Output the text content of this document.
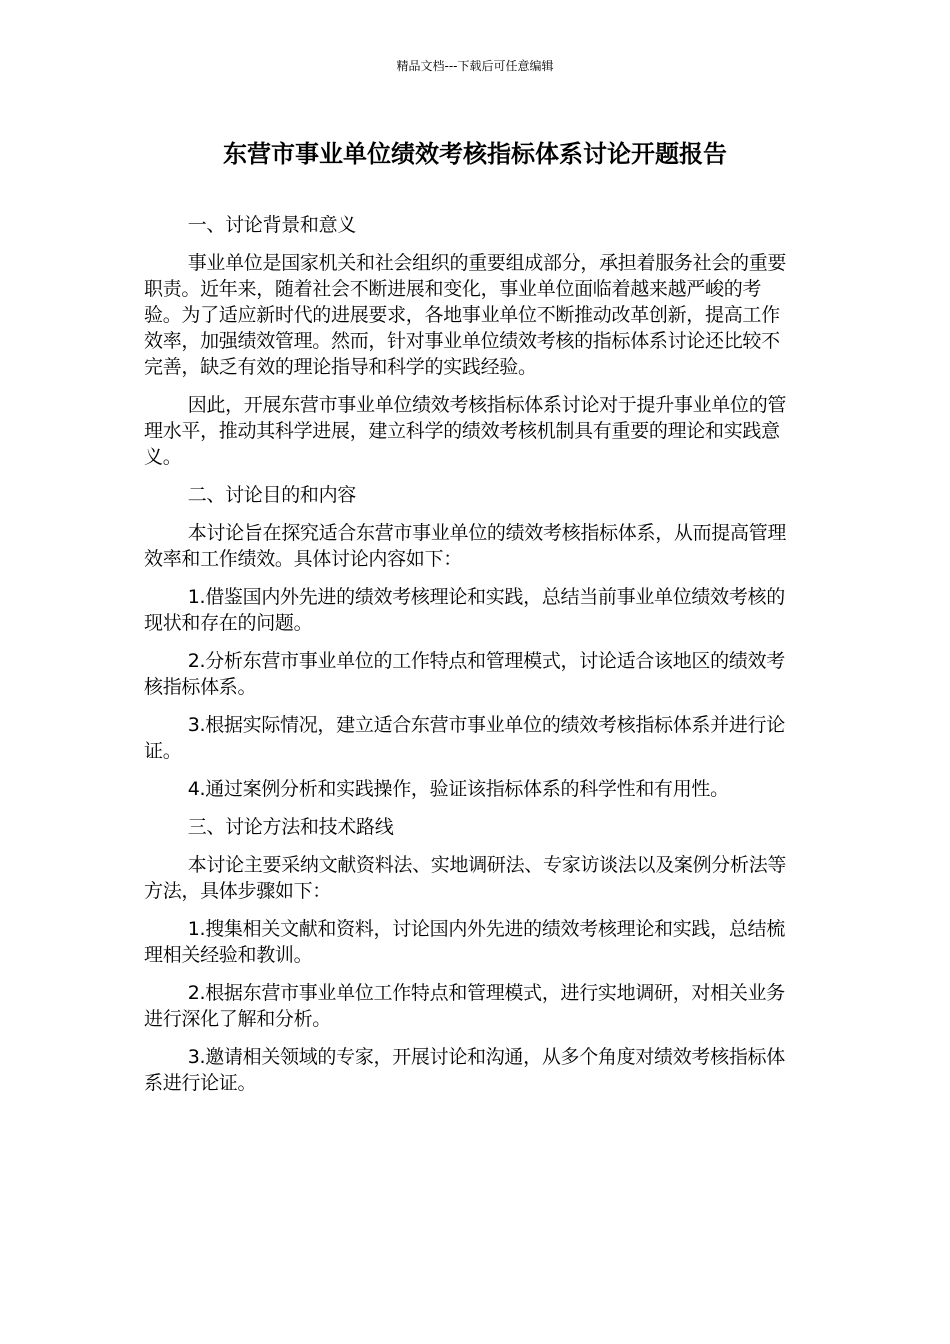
精品文档---下载后可任意编辑
东营市事业单位绩效考核指标体系讨论开题报告

一、讨论背景和意义

事业单位是国家机关和社会组织的重要组成部分，承担着服务社会的重要职责。近年来，随着社会不断进展和变化，事业单位面临着越来越严峻的考验。为了适应新时代的进展要求，各地事业单位不断推动改革创新，提高工作效率，加强绩效管理。然而，针对事业单位绩效考核的指标体系讨论还比较不完善，缺乏有效的理论指导和科学的实践经验。

因此，开展东营市事业单位绩效考核指标体系讨论对于提升事业单位的管理水平，推动其科学进展，建立科学的绩效考核机制具有重要的理论和实践意义。

二、讨论目的和内容

本讨论旨在探究适合东营市事业单位的绩效考核指标体系，从而提高管理效率和工作绩效。具体讨论内容如下：

1.借鉴国内外先进的绩效考核理论和实践，总结当前事业单位绩效考核的现状和存在的问题。

2.分析东营市事业单位的工作特点和管理模式，讨论适合该地区的绩效考核指标体系。

3.根据实际情况，建立适合东营市事业单位的绩效考核指标体系并进行论证。

4.通过案例分析和实践操作，验证该指标体系的科学性和有用性。

三、讨论方法和技术路线

本讨论主要采纳文献资料法、实地调研法、专家访谈法以及案例分析法等方法，具体步骤如下：

1.搜集相关文献和资料，讨论国内外先进的绩效考核理论和实践，总结梳理相关经验和教训。

2.根据东营市事业单位工作特点和管理模式，进行实地调研，对相关业务进行深化了解和分析。

3.邀请相关领域的专家，开展讨论和沟通，从多个角度对绩效考核指标体系进行论证。
